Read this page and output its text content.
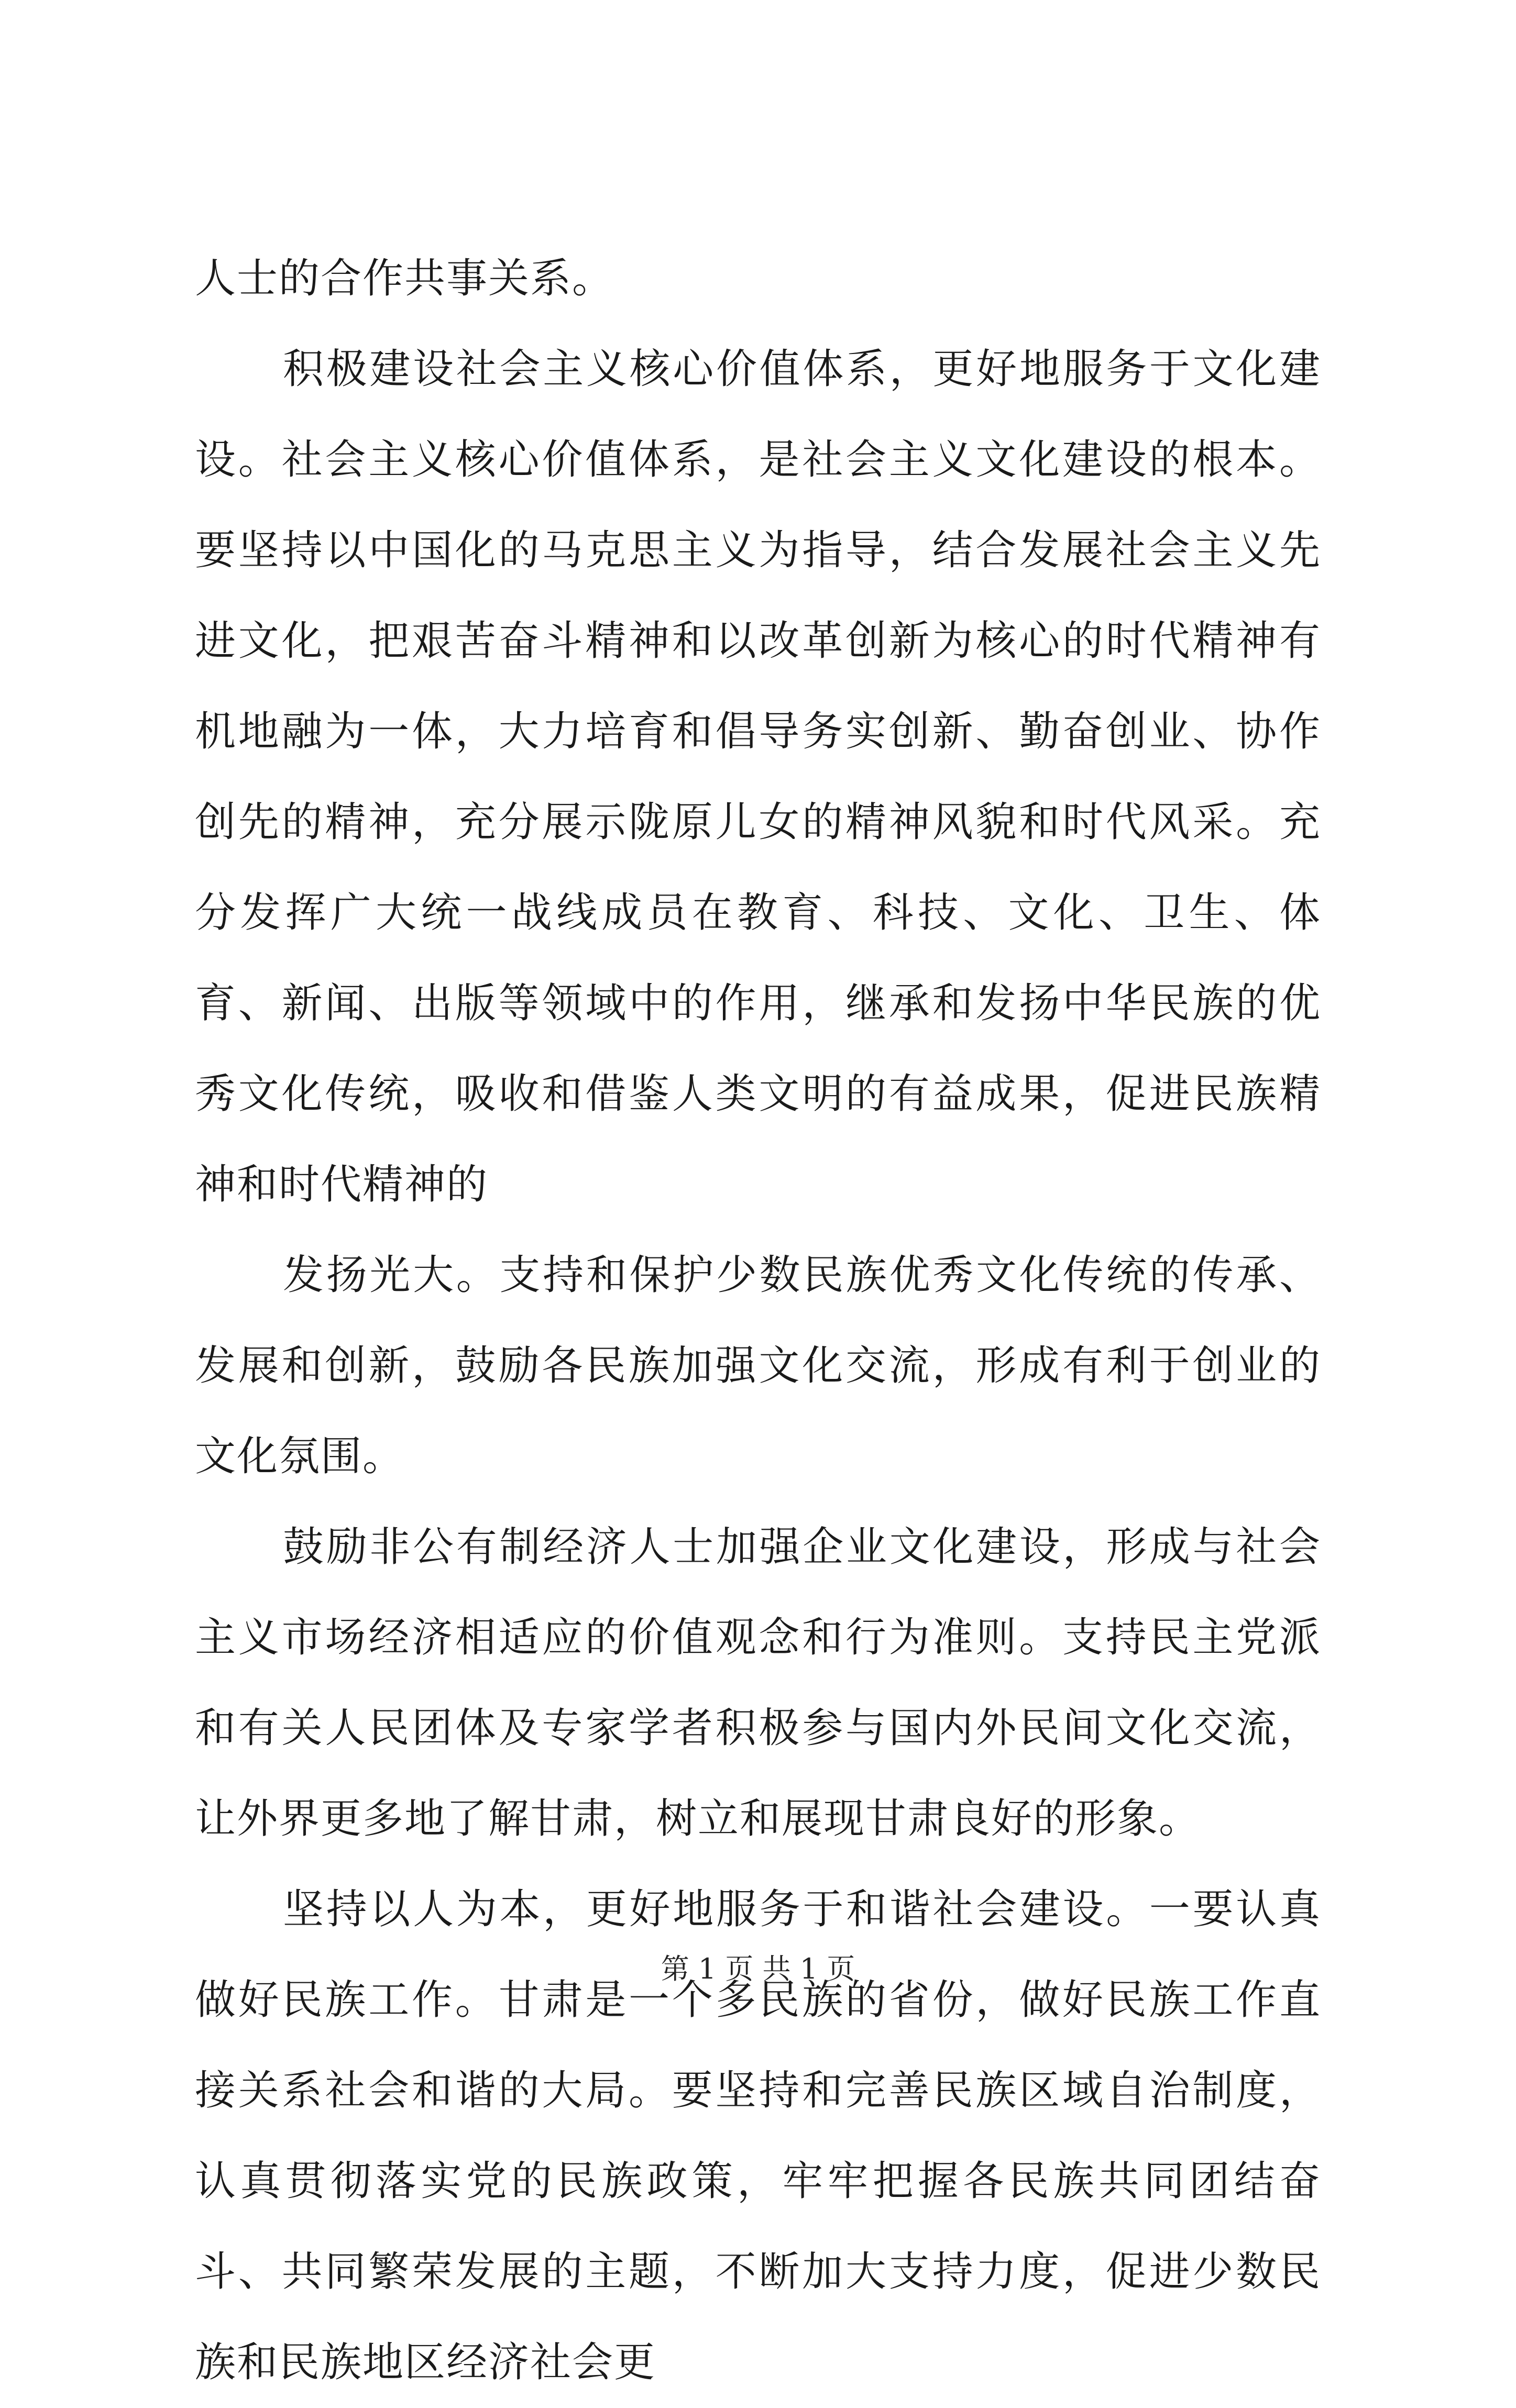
人士的合作共事关系。

积极建设社会主义核心价值体系，更好地服务于文化建设。社会主义核心价值体系，是社会主义文化建设的根本。要坚持以中国化的马克思主义为指导，结合发展社会主义先进文化，把艰苦奋斗精神和以改革创新为核心的时代精神有机地融为一体，大力培育和倡导务实创新、勤奋创业、协作创先的精神，充分展示陇原儿女的精神风貌和时代风采。充分发挥广大统一战线成员在教育、科技、文化、卫生、体育、新闻、出版等领域中的作用，继承和发扬中华民族的优秀文化传统，吸收和借鉴人类文明的有益成果，促进民族精神和时代精神的

发扬光大。支持和保护少数民族优秀文化传统的传承、发展和创新，鼓励各民族加强文化交流，形成有利于创业的文化氛围。

鼓励非公有制经济人士加强企业文化建设，形成与社会主义市场经济相适应的价值观念和行为准则。支持民主党派和有关人民团体及专家学者积极参与国内外民间文化交流，让外界更多地了解甘肃，树立和展现甘肃良好的形象。

坚持以人为本，更好地服务于和谐社会建设。一要认真做好民族工作。甘肃是一个多民族的省份，做好民族工作直接关系社会和谐的大局。要坚持和完善民族区域自治制度，认真贯彻落实党的民族政策，牢牢把握各民族共同团结奋斗、共同繁荣发展的主题，不断加大支持力度，促进少数民族和民族地区经济社会更

第 1 页 共 1 页
